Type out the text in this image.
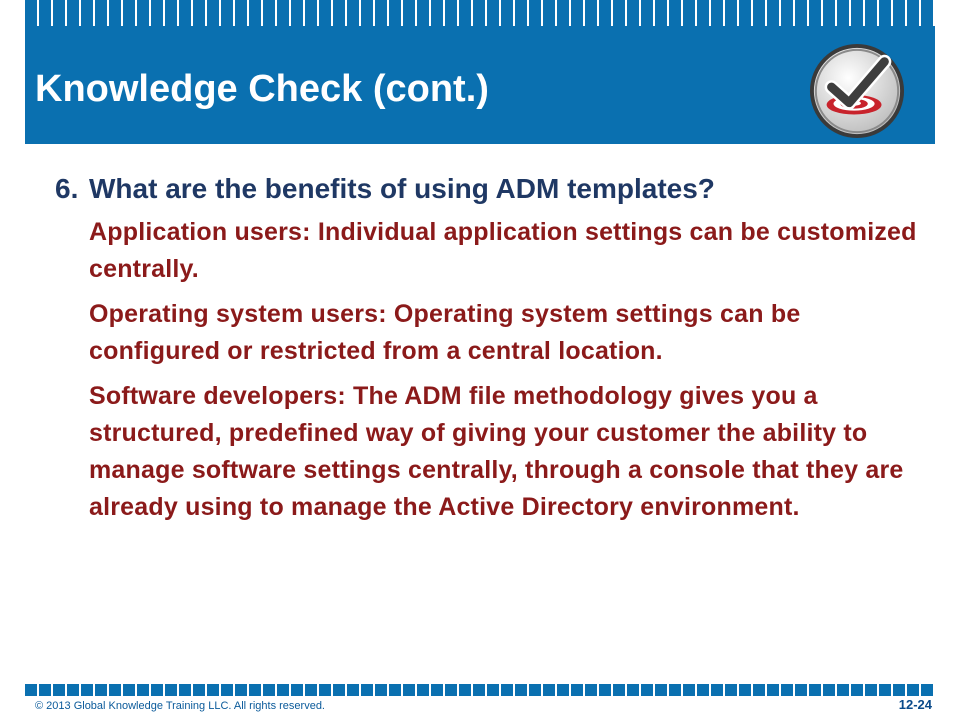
Knowledge Check (cont.)
6. What are the benefits of using ADM templates?

Application users: Individual application settings can be customized centrally.

Operating system users: Operating system settings can be configured or restricted from a central location.

Software developers: The ADM file methodology gives you a structured, predefined way of giving your customer the ability to manage software settings centrally, through a console that they are already using to manage the Active Directory environment.

© 2013 Global Knowledge Training LLC. All rights reserved.	12-24
